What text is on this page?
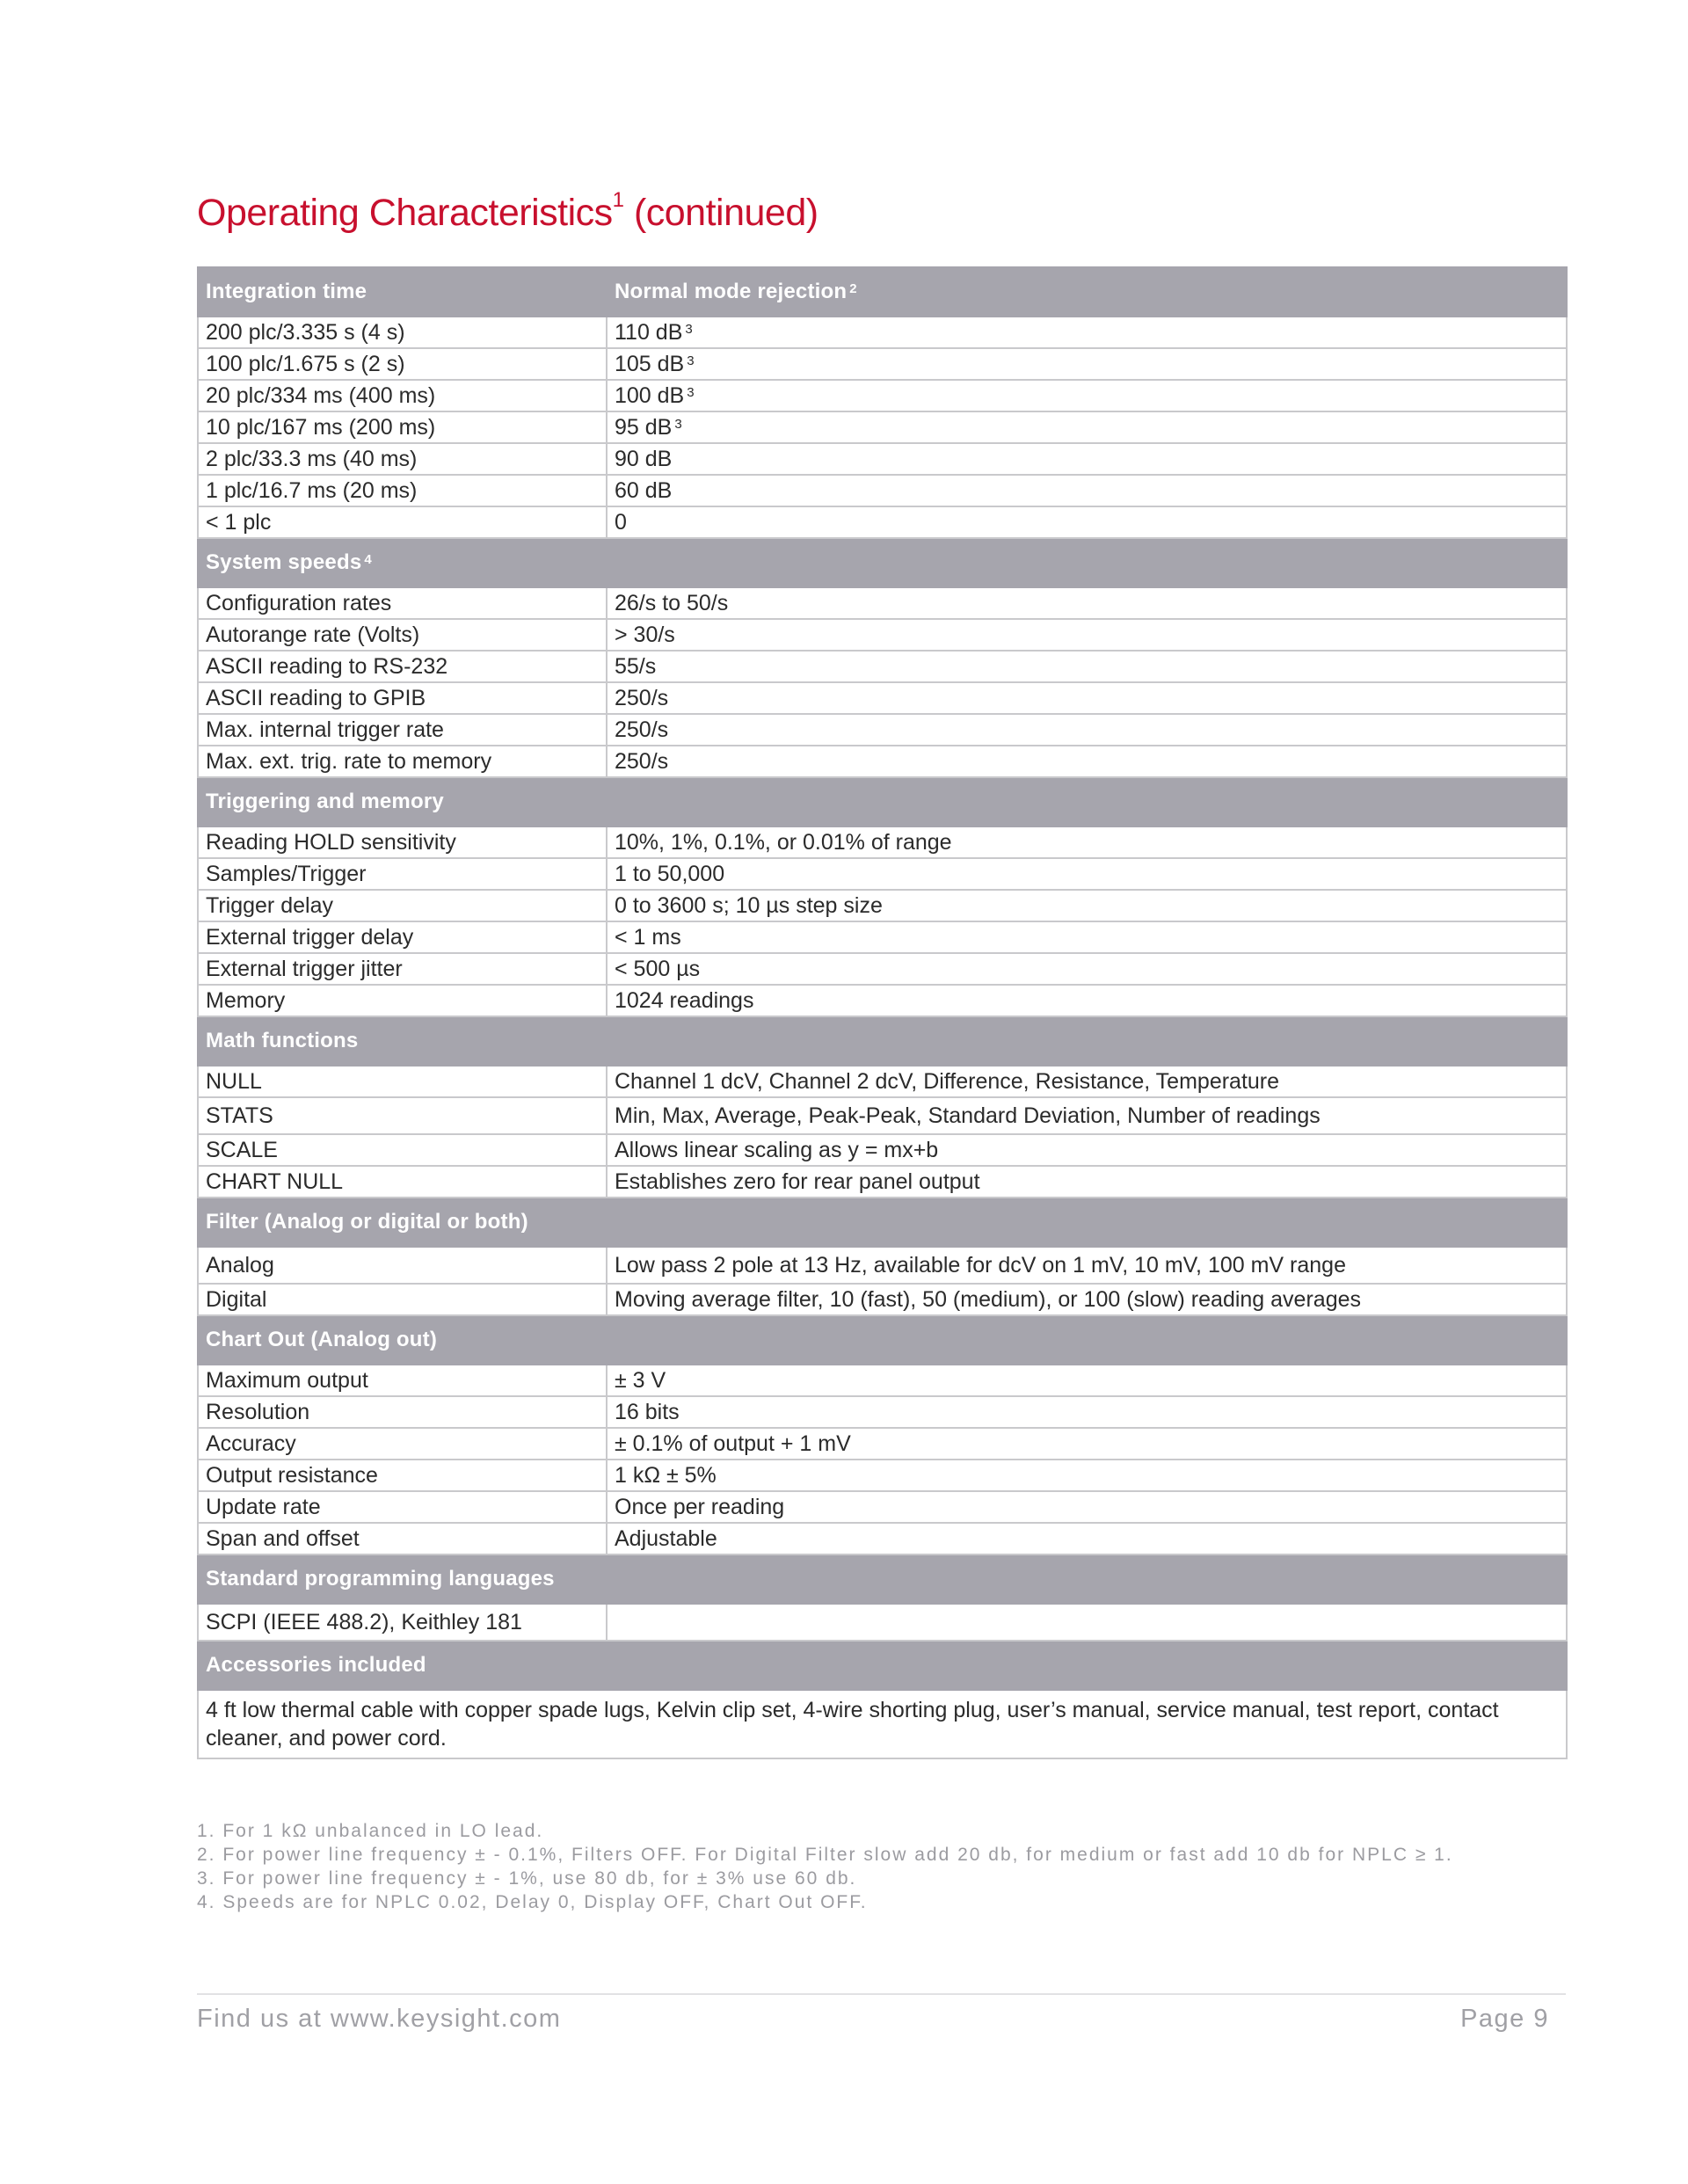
Operating Characteristics$^1$ (continued)
Integration time	Normal mode rejection $^2$
200 plc/3.335 s (4 s)	110 dB $^3$
100 plc/1.675 s (2 s)	105 dB $^3$
20 plc/334 ms (400 ms)	100 dB $^3$
10 plc/167 ms (200 ms)	95 dB $^3$
2 plc/33.3 ms (40 ms)	90 dB
1 plc/16.7 ms (20 ms)	60 dB
< 1 plc	0
System speeds $^4$
Configuration rates	26/s to 50/s
Autorange rate (Volts)	> 30/s
ASCII reading to RS-232	55/s
ASCII reading to GPIB	250/s
Max. internal trigger rate	250/s
Max. ext. trig. rate to memory	250/s
Triggering and memory	
Reading HOLD sensitivity	10%, 1%, 0.1%, or 0.01% of range
Samples/Trigger	1 to 50,000
Trigger delay	0 to 3600 s; 10 µs step size
External trigger delay	< 1 ms
External trigger jitter	< 500 µs
Memory	1024 readings
Math functions	
NULL	Channel 1 dcV, Channel 2 dcV, Difference, Resistance, Temperature
STATS	Min, Max, Average, Peak-Peak, Standard Deviation, Number of readings
SCALE	Allows linear scaling as y = mx+b
CHART NULL	Establishes zero for rear panel output
Filter (Analog or digital or both)	
Analog	Low pass 2 pole at 13 Hz, available for dcV on 1 mV, 10 mV, 100 mV range
Digital	Moving average filter, 10 (fast), 50 (medium), or 100 (slow) reading averages
Chart Out (Analog out)	
Maximum output	± 3 V
Resolution	16 bits
Accuracy	± 0.1% of output + 1 mV
Output resistance	1 kΩ ± 5%
Update rate	Once per reading
Span and offset	Adjustable
Standard programming languages	
SCPI (IEEE 488.2), Keithley 181	
Accessories included	
4 ft low thermal cable with copper spade lugs, Kelvin clip set, 4-wire shorting plug, user’s manual, service manual, test report, contact cleaner, and power cord.	
1. For 1 kΩ unbalanced in LO lead.
2. For power line frequency ± - 0.1%, Filters OFF. For Digital Filter slow add 20 db, for medium or fast add 10 db for NPLC ≥ 1.
3. For power line frequency ± - 1%, use 80 db, for ± 3% use 60 db.
4. Speeds are for NPLC 0.02, Delay 0, Display OFF, Chart Out OFF.
Find us at www.keysight.com	Page 9
